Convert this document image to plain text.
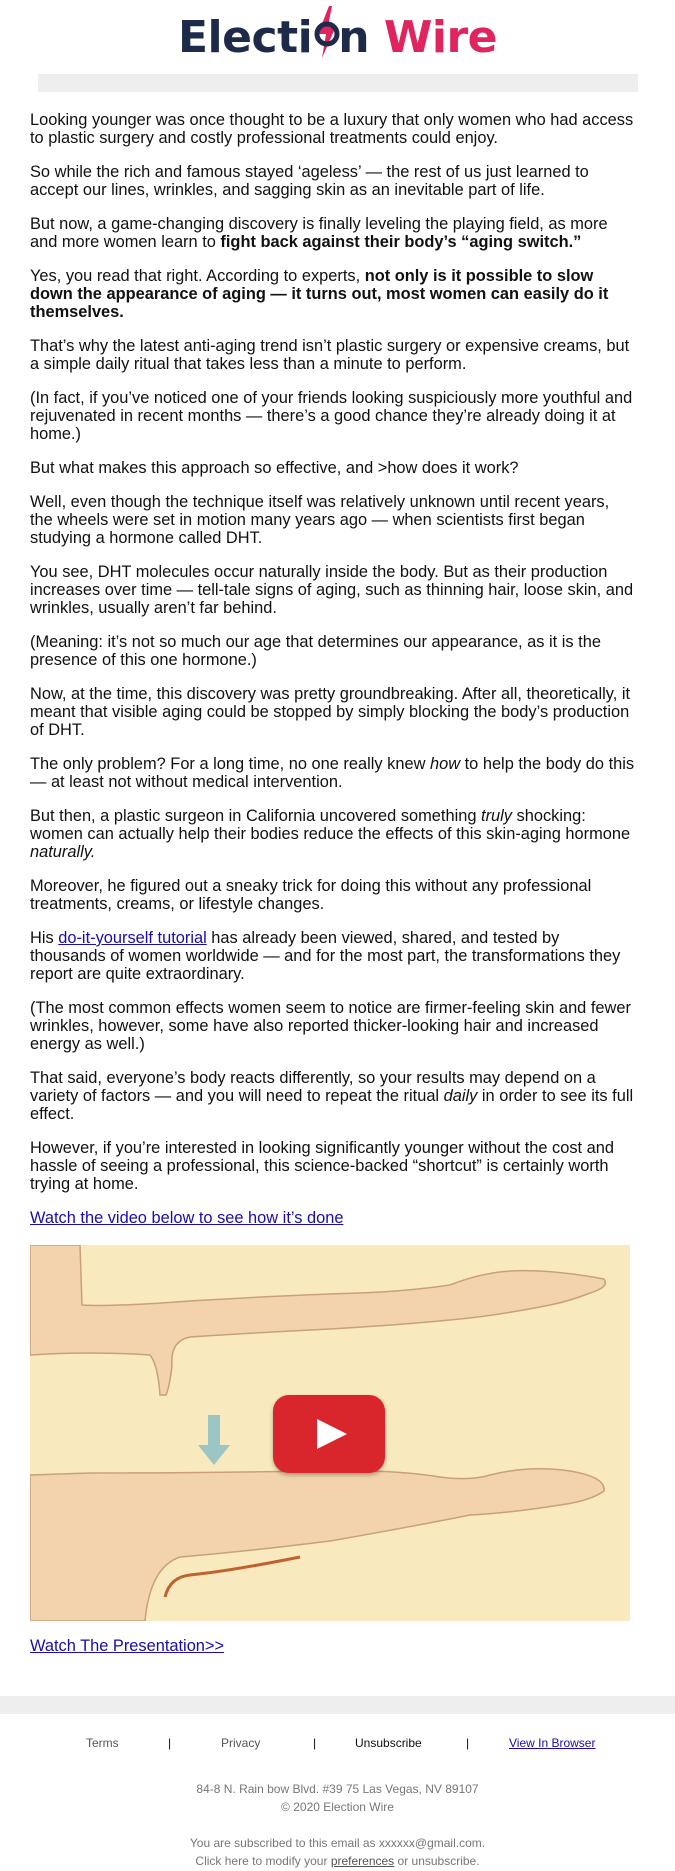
Electi n Wire

Looking younger was once thought to be a luxury that only women who had access to plastic surgery and costly professional treatments could enjoy.

So while the rich and famous stayed ‘ageless’ — the rest of us just learned to accept our lines, wrinkles, and sagging skin as an inevitable part of life.

But now, a game-changing discovery is finally leveling the playing field, as more and more women learn to fight back against their body’s “aging switch.”

Yes, you read that right. According to experts, not only is it possible to slow down the appearance of aging — it turns out, most women can easily do it themselves.

That’s why the latest anti-aging trend isn’t plastic surgery or expensive creams, but a simple daily ritual that takes less than a minute to perform.

(In fact, if you’ve noticed one of your friends looking suspiciously more youthful and rejuvenated in recent months — there’s a good chance they’re already doing it at home.)

But what makes this approach so effective, and >how does it work?

Well, even though the technique itself was relatively unknown until recent years, the wheels were set in motion many years ago — when scientists first began studying a hormone called DHT.

You see, DHT molecules occur naturally inside the body. But as their production increases over time — tell-tale signs of aging, such as thinning hair, loose skin, and wrinkles, usually aren’t far behind.

(Meaning: it’s not so much our age that determines our appearance, as it is the presence of this one hormone.)

Now, at the time, this discovery was pretty groundbreaking. After all, theoretically, it meant that visible aging could be stopped by simply blocking the body’s production of DHT.

The only problem? For a long time, no one really knew how to help the body do this — at least not without medical intervention.

But then, a plastic surgeon in California uncovered something truly shocking: women can actually help their bodies reduce the effects of this skin-aging hormone naturally.

Moreover, he figured out a sneaky trick for doing this without any professional treatments, creams, or lifestyle changes.

His do-it-yourself tutorial has already been viewed, shared, and tested by thousands of women worldwide — and for the most part, the transformations they report are quite extraordinary.

(The most common effects women seem to notice are firmer-feeling skin and fewer wrinkles, however, some have also reported thicker-looking hair and increased energy as well.)

That said, everyone’s body reacts differently, so your results may depend on a variety of factors — and you will need to repeat the ritual daily in order to see its full effect.

However, if you’re interested in looking significantly younger without the cost and hassle of seeing a professional, this science-backed “shortcut” is certainly worth trying at home.

Watch the video below to see how it’s done

Watch The Presentation>>
Terms	|	Privacy	|	Unsubscribe	|	View In Browser
84-8 N. Rain bow Blvd. #39 75 Las Vegas, NV 89107
© 2020 Election Wire
You are subscribed to this email as xxxxxx@gmail.com.
Click here to modify your preferences or unsubscribe.
